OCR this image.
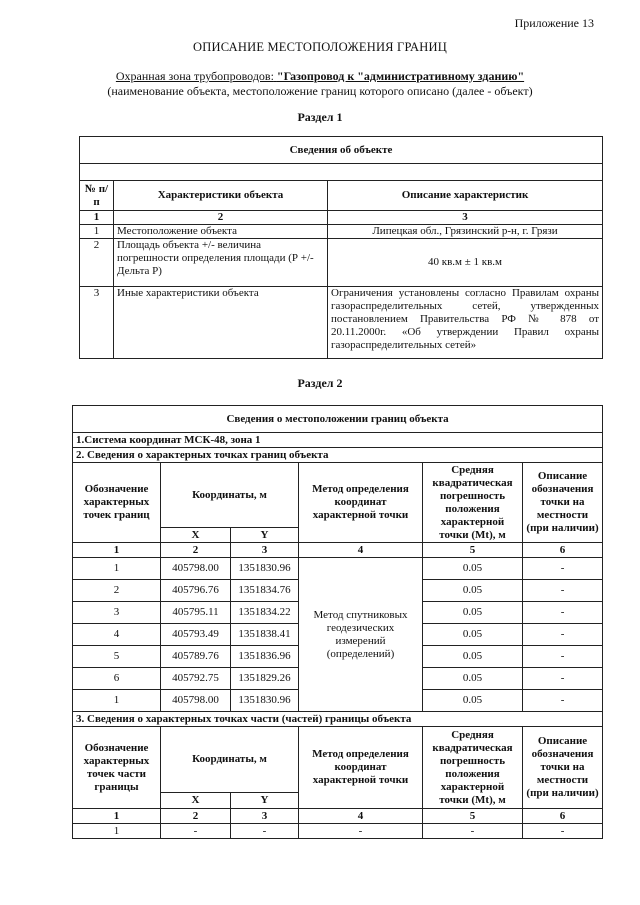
Приложение 13
ОПИСАНИЕ МЕСТОПОЛОЖЕНИЯ ГРАНИЦ
Охранная зона трубопроводов: "Газопровод к "административному зданию"
(наименование объекта, местоположение границ которого описано (далее - объект)
Раздел 1
Сведения об объекте		

№ п/п	Характеристики объекта	Описание характеристик
1	2	3
1	Местоположение объекта	Липецкая обл., Грязинский р-н, г. Грязи
2	Площадь объекта +/- величина погрешности определения площади (Р +/- Дельта Р)	40 кв.м ± 1 кв.м
3	Иные характеристики объекта	Ограничения установлены согласно Правилам охраны газораспределительных сетей, утвержденных постановлением Правительства РФ № 878 от 20.11.2000г. «Об утверждении Правил охраны газораспределительных сетей»
Раздел 2
Сведения о местоположении границ объекта					
1.Система координат МСК-48, зона 1					
2. Сведения о характерных точках границ объекта					
Обозначение характерных точек границ	Координаты, м		Метод определения координат характерной точки	Средняя квадратическая погрешность положения характерной точки (Mt), м	Описание обозначения точки на местности (при наличии)
	X	Y			
1	2	3	4	5	6
1	405798.00	1351830.96	Метод спутниковых геодезических измерений (определений)	0.05	-
2	405796.76	1351834.76		0.05	-
3	405795.11	1351834.22		0.05	-
4	405793.49	1351838.41		0.05	-
5	405789.76	1351836.96		0.05	-
6	405792.75	1351829.26		0.05	-
1	405798.00	1351830.96		0.05	-
3. Сведения о характерных точках части (частей) границы объекта					
Обозначение характерных точек части границы	Координаты, м		Метод определения координат характерной точки	Средняя квадратическая погрешность положения характерной точки (Mt), м	Описание обозначения точки на местности (при наличии)
	X	Y			
1	2	3	4	5	6
1	-	-	-	-	-
